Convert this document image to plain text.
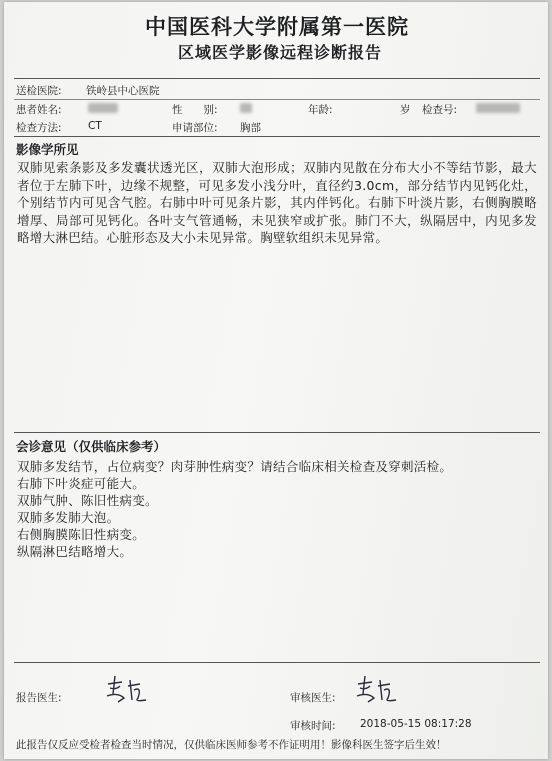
中国医科大学附属第一医院
区域医学影像远程诊断报告
送检医院: 铁岭县中心医院
患者姓名:	性　　别:	年龄:	岁 检查号:
检查方法:	CT	申请部位: 胸部
影像学所见
双肺见索条影及多发囊状透光区，双肺大泡形成；双肺内见散在分布大小不等结节影，最大者位于左肺下叶，边缘不规整，可见多发小浅分叶，直径约3.0cm，部分结节内见钙化灶，个别结节内可见含气腔。右肺中叶可见条片影，其内伴钙化。右肺下叶淡片影，右侧胸膜略增厚、局部可见钙化。各叶支气管通畅，未见狭窄或扩张。肺门不大，纵隔居中，内见多发略增大淋巴结。心脏形态及大小未见异常。胸壁软组织未见异常。
会诊意见（仅供临床参考）
双肺多发结节，占位病变？肉芽肿性病变？请结合临床相关检查及穿刺活检。
右肺下叶炎症可能大。
双肺气肿、陈旧性病变。
双肺多发肺大泡。
右侧胸膜陈旧性病变。
纵隔淋巴结略增大。
报告医生:	审核医生:
审核时间: 2018-05-15 08:17:28
此报告仅反应受检者检查当时情况，仅供临床医师参考不作证明用！影像科医生签字后生效！
